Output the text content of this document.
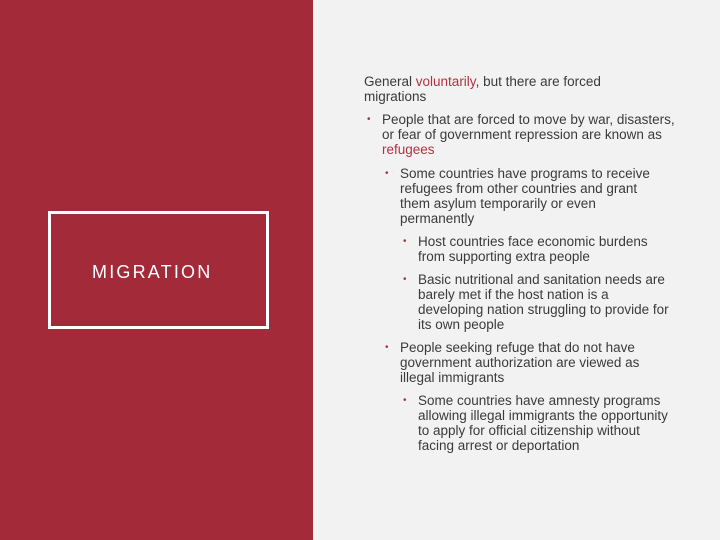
MIGRATION

General voluntarily, but there are forced migrations

• People that are forced to move by war, disasters, or fear of government repression are known as refugees

• Some countries have programs to receive refugees from other countries and grant them asylum temporarily or even permanently

• Host countries face economic burdens from supporting extra people

• Basic nutritional and sanitation needs are barely met if the host nation is a developing nation struggling to provide for its own people

• People seeking refuge that do not have government authorization are viewed as illegal immigrants

• Some countries have amnesty programs allowing illegal immigrants the opportunity to apply for official citizenship without facing arrest or deportation
